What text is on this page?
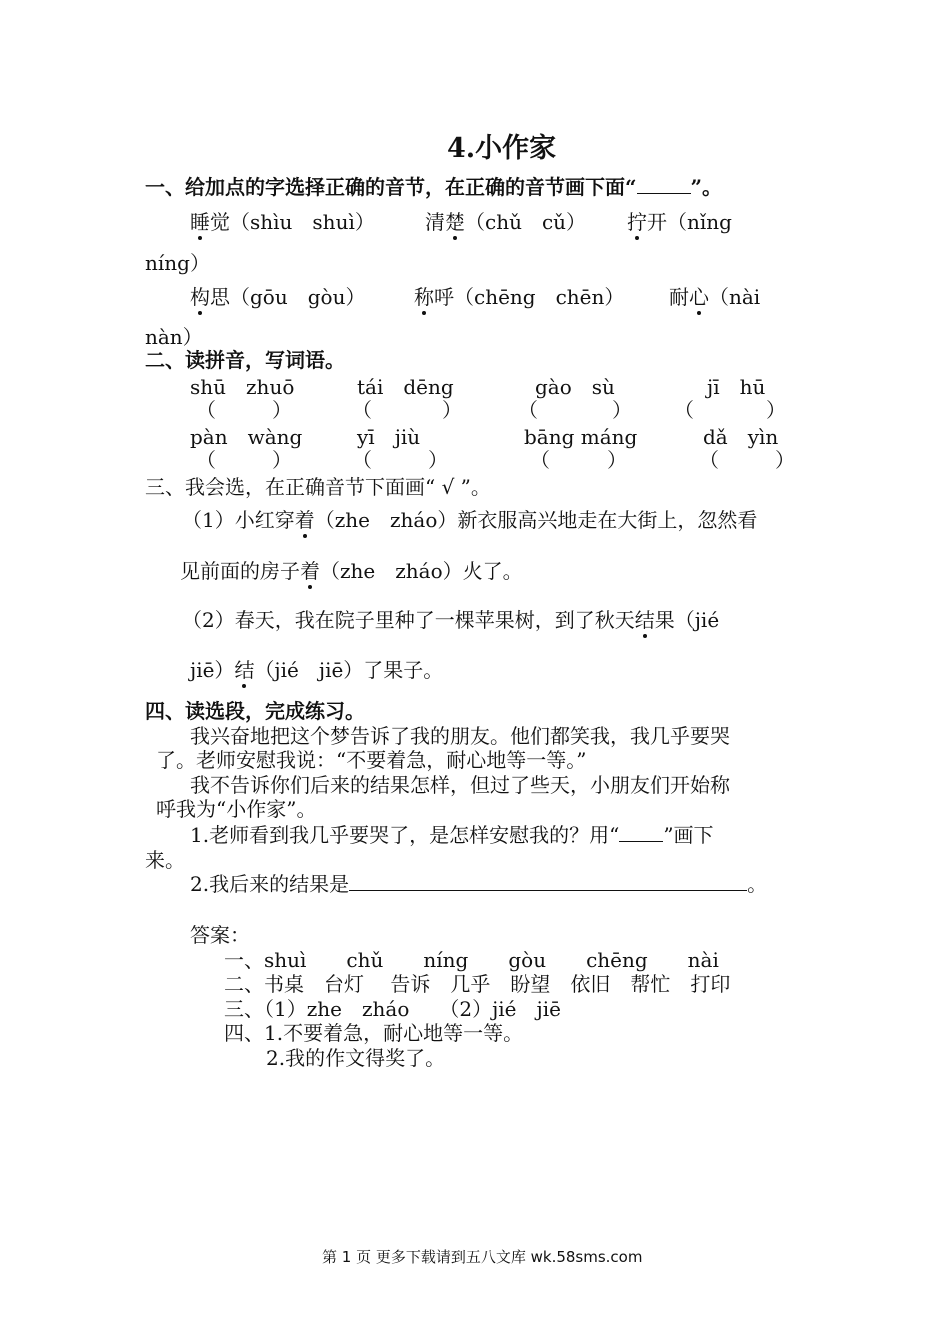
4.小作家
一、给加点的字选择正确的音节，在正确的音节画下面“	”。
睡觉（shìu　shuì）	清楚（chǔ　cǔ） 拧开（nǐng
níng）
构思（gōu　gòu） 称呼（chēng　chēn） 耐心（nài
nàn）
二、读拼音，写词语。
shū　zhuō	tái　dēng	gào　sù	jī　hū
（	）	（	）	（	） （	）
pàn　wàng	yī　jiù	bāng máng	dǎ　yìn
（	）	（	）	（	）	（	）
三、我会选，在正确音节下面画“ √ ”。
（1）小红穿着（zhe　zháo）新衣服高兴地走在大街上，忽然看
见前面的房子着（zhe　zháo）火了。
（2）春天，我在院子里种了一棵苹果树，到了秋天结果（jié
jiē）结（jié　jiē）了果子。
四、读选段，完成练习。
我兴奋地把这个梦告诉了我的朋友。他们都笑我，我几乎要哭
了。老师安慰我说：“不要着急，耐心地等一等。”
我不告诉你们后来的结果怎样，但过了些天，小朋友们开始称
呼我为“小作家”。
1.老师看到我几乎要哭了，是怎样安慰我的？用“ ”画下
来。
2.我后来的结果是	。
答案：
一、shuì　　chǔ　　níng　　gòu　　chēng　　nài
二、书桌　台灯　 告诉　几乎　盼望　依旧　帮忙　打印
三、（1）zhe　zháo　　（2）jié　jiē
四、1.不要着急，耐心地等一等。
2.我的作文得奖了。
第 1 页 更多下载请到五八文库 wk.58sms.com
